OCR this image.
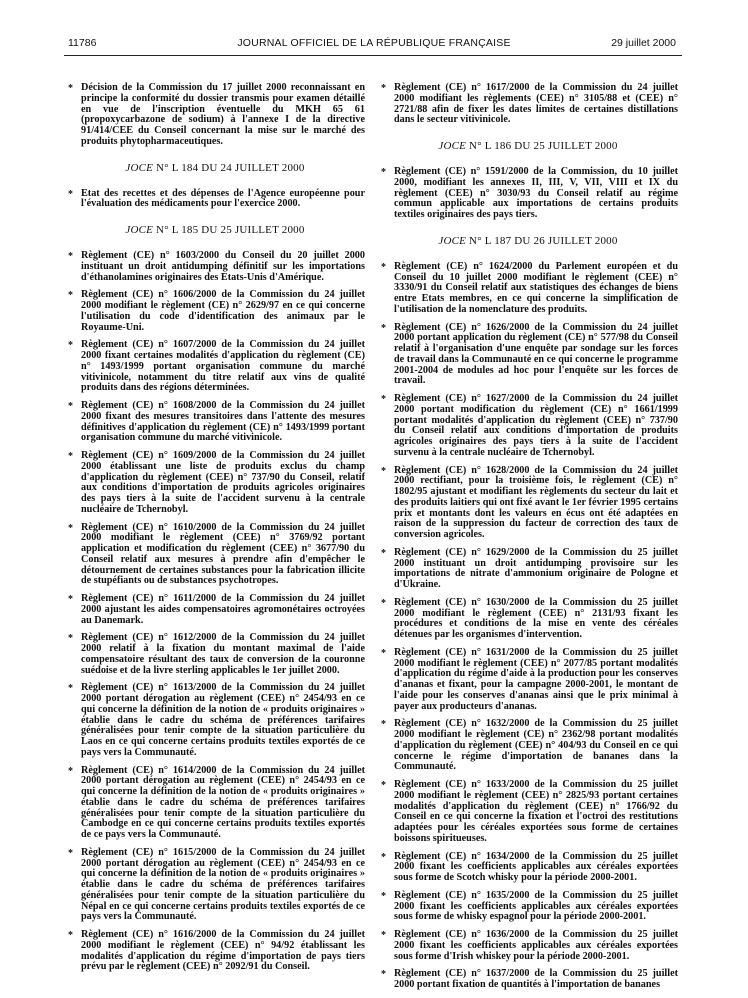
11786	JOURNAL OFFICIEL DE LA RÉPUBLIQUE FRANÇAISE	29 juillet 2000
* Décision de la Commission du 17 juillet 2000 reconnaissant en principe la conformité du dossier transmis pour examen détaillé en vue de l'inscription éventuelle du MKH 65 61 (propoxycarbazone de sodium) à l'annexe I de la directive 91/414/CEE du Conseil concernant la mise sur le marché des produits phytopharmaceutiques.
JOCE N° L 184 DU 24 JUILLET 2000
* Etat des recettes et des dépenses de l'Agence européenne pour l'évaluation des médicaments pour l'exercice 2000.
JOCE N° L 185 DU 25 JUILLET 2000
* Règlement (CE) n° 1603/2000 du Conseil du 20 juillet 2000 instituant un droit antidumping définitif sur les importations d'éthanolamines originaires des Etats-Unis d'Amérique.
* Règlement (CE) n° 1606/2000 de la Commission du 24 juillet 2000 modifiant le règlement (CE) n° 2629/97 en ce qui concerne l'utilisation du code d'identification des animaux par le Royaume-Uni.
* Règlement (CE) n° 1607/2000 de la Commission du 24 juillet 2000 fixant certaines modalités d'application du règlement (CE) n° 1493/1999 portant organisation commune du marché vitivinicole, notamment du titre relatif aux vins de qualité produits dans des régions déterminées.
* Règlement (CE) n° 1608/2000 de la Commission du 24 juillet 2000 fixant des mesures transitoires dans l'attente des mesures définitives d'application du règlement (CE) n° 1493/1999 portant organisation commune du marché vitivinicole.
* Règlement (CE) n° 1609/2000 de la Commission du 24 juillet 2000 établissant une liste de produits exclus du champ d'application du règlement (CEE) n° 737/90 du Conseil, relatif aux conditions d'importation de produits agricoles originaires des pays tiers à la suite de l'accident survenu à la centrale nucléaire de Tchernobyl.
* Règlement (CE) n° 1610/2000 de la Commission du 24 juillet 2000 modifiant le règlement (CEE) n° 3769/92 portant application et modification du règlement (CEE) n° 3677/90 du Conseil relatif aux mesures à prendre afin d'empêcher le détournement de certaines substances pour la fabrication illicite de stupéfiants ou de substances psychotropes.
* Règlement (CE) n° 1611/2000 de la Commission du 24 juillet 2000 ajustant les aides compensatoires agromonétaires octroyées au Danemark.
* Règlement (CE) n° 1612/2000 de la Commission du 24 juillet 2000 relatif à la fixation du montant maximal de l'aide compensatoire résultant des taux de conversion de la couronne suédoise et de la livre sterling applicables le 1er juillet 2000.
* Règlement (CE) n° 1613/2000 de la Commission du 24 juillet 2000 portant dérogation au règlement (CEE) n° 2454/93 en ce qui concerne la définition de la notion de « produits originaires » établie dans le cadre du schéma de préférences tarifaires généralisées pour tenir compte de la situation particulière du Laos en ce qui concerne certains produits textiles exportés de ce pays vers la Communauté.
* Règlement (CE) n° 1614/2000 de la Commission du 24 juillet 2000 portant dérogation au règlement (CEE) n° 2454/93 en ce qui concerne la définition de la notion de « produits originaires » établie dans le cadre du schéma de préférences tarifaires généralisées pour tenir compte de la situation particulière du Cambodge en ce qui concerne certains produits textiles exportés de ce pays vers la Communauté.
* Règlement (CE) n° 1615/2000 de la Commission du 24 juillet 2000 portant dérogation au règlement (CEE) n° 2454/93 en ce qui concerne la définition de la notion de « produits originaires » établie dans le cadre du schéma de préférences tarifaires généralisées pour tenir compte de la situation particulière du Népal en ce qui concerne certains produits textiles exportés de ce pays vers la Communauté.
* Règlement (CE) n° 1616/2000 de la Commission du 24 juillet 2000 modifiant le règlement (CEE) n° 94/92 établissant les modalités d'application du régime d'importation de pays tiers prévu par le règlement (CEE) n° 2092/91 du Conseil.
* Règlement (CE) n° 1617/2000 de la Commission du 24 juillet 2000 modifiant les règlements (CEE) n° 3105/88 et (CEE) n° 2721/88 afin de fixer les dates limites de certaines distillations dans le secteur vitivinicole.
JOCE N° L 186 DU 25 JUILLET 2000
* Règlement (CE) n° 1591/2000 de la Commission, du 10 juillet 2000, modifiant les annexes II, III, V, VII, VIII et IX du règlement (CEE) n° 3030/93 du Conseil relatif au régime commun applicable aux importations de certains produits textiles originaires des pays tiers.
JOCE N° L 187 DU 26 JUILLET 2000
* Règlement (CE) n° 1624/2000 du Parlement européen et du Conseil du 10 juillet 2000 modifiant le règlement (CEE) n° 3330/91 du Conseil relatif aux statistiques des échanges de biens entre Etats membres, en ce qui concerne la simplification de l'utilisation de la nomenclature des produits.
* Règlement (CE) n° 1626/2000 de la Commission du 24 juillet 2000 portant application du règlement (CE) n° 577/98 du Conseil relatif à l'organisation d'une enquête par sondage sur les forces de travail dans la Communauté en ce qui concerne le programme 2001-2004 de modules ad hoc pour l'enquête sur les forces de travail.
* Règlement (CE) n° 1627/2000 de la Commission du 24 juillet 2000 portant modification du règlement (CE) n° 1661/1999 portant modalités d'application du règlement (CEE) n° 737/90 du Conseil relatif aux conditions d'importation de produits agricoles originaires des pays tiers à la suite de l'accident survenu à la centrale nucléaire de Tchernobyl.
* Règlement (CE) n° 1628/2000 de la Commission du 24 juillet 2000 rectifiant, pour la troisième fois, le règlement (CE) n° 1802/95 ajustant et modifiant les règlements du secteur du lait et des produits laitiers qui ont fixé avant le 1er février 1995 certains prix et montants dont les valeurs en écus ont été adaptées en raison de la suppression du facteur de correction des taux de conversion agricoles.
* Règlement (CE) n° 1629/2000 de la Commission du 25 juillet 2000 instituant un droit antidumping provisoire sur les importations de nitrate d'ammonium originaire de Pologne et d'Ukraine.
* Règlement (CE) n° 1630/2000 de la Commission du 25 juillet 2000 modifiant le règlement (CEE) n° 2131/93 fixant les procédures et conditions de la mise en vente des céréales détenues par les organismes d'intervention.
* Règlement (CE) n° 1631/2000 de la Commission du 25 juillet 2000 modifiant le règlement (CEE) n° 2077/85 portant modalités d'application du régime d'aide à la production pour les conserves d'ananas et fixant, pour la campagne 2000-2001, le montant de l'aide pour les conserves d'ananas ainsi que le prix minimal à payer aux producteurs d'ananas.
* Règlement (CE) n° 1632/2000 de la Commission du 25 juillet 2000 modifiant le règlement (CE) n° 2362/98 portant modalités d'application du règlement (CEE) n° 404/93 du Conseil en ce qui concerne le régime d'importation de bananes dans la Communauté.
* Règlement (CE) n° 1633/2000 de la Commission du 25 juillet 2000 modifiant le règlement (CEE) n° 2825/93 portant certaines modalités d'application du règlement (CEE) n° 1766/92 du Conseil en ce qui concerne la fixation et l'octroi des restitutions adaptées pour les céréales exportées sous forme de certaines boissons spiritueuses.
* Règlement (CE) n° 1634/2000 de la Commission du 25 juillet 2000 fixant les coefficients applicables aux céréales exportées sous forme de Scotch whisky pour la période 2000-2001.
* Règlement (CE) n° 1635/2000 de la Commission du 25 juillet 2000 fixant les coefficients applicables aux céréales exportées sous forme de whisky espagnol pour la période 2000-2001.
* Règlement (CE) n° 1636/2000 de la Commission du 25 juillet 2000 fixant les coefficients applicables aux céréales exportées sous forme d'Irish whiskey pour la période 2000-2001.
* Règlement (CE) n° 1637/2000 de la Commission du 25 juillet 2000 portant fixation de quantités à l'importation de bananes
